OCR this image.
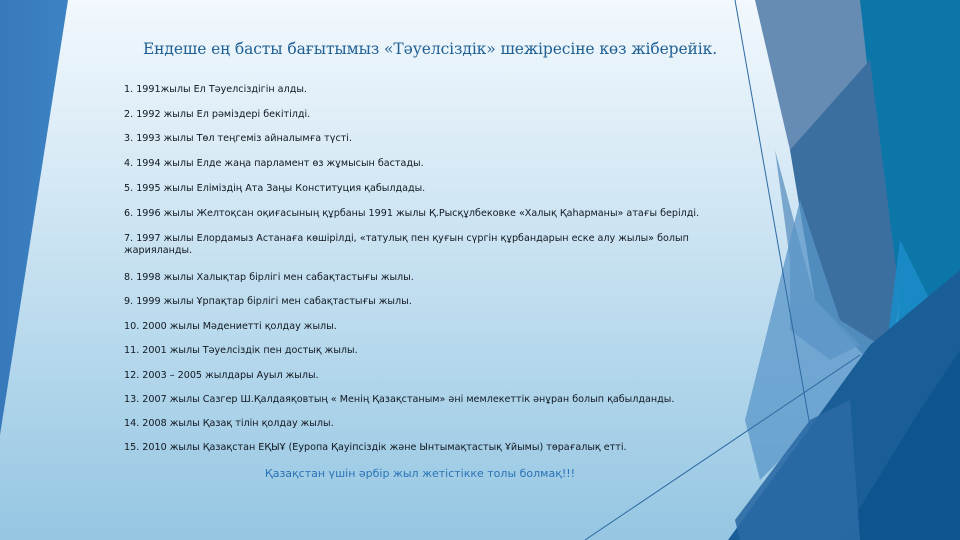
Ендеше ең басты бағытымыз «Тәуелсіздік» шежіресіне көз жіберейік.
1. 1991жылы Ел Тәуелсіздігін алды.
2. 1992 жылы Ел рәміздері бекітілді.
3. 1993 жылы Төл теңгеміз айналымға түсті.
4. 1994 жылы Елде жаңа парламент өз жұмысын бастады.
5. 1995 жылы Еліміздің Ата Заңы Конституция қабылдады.
6. 1996 жылы Желтоқсан оқиғасының құрбаны 1991 жылы Қ.Рысқұлбековке «Халық Қаһарманы» атағы берілді.
7. 1997 жылы Елордамыз Астанаға көшірілді, «татулық пен қуғын сүргін құрбандарын еске алу жылы» болып жарияланды.
8. 1998 жылы Халықтар бірлігі мен сабақтастығы жылы.
9. 1999 жылы Ұрпақтар бірлігі мен сабақтастығы жылы.
10. 2000 жылы Мәдениетті қолдау жылы.
11. 2001 жылы Тәуелсіздік пен достық жылы.
12. 2003 – 2005 жылдары Ауыл жылы.
13. 2007 жылы Сазгер Ш.Қалдаяқовтың « Менің Қазақстаным» әні мемлекеттік әнұран болып қабылданды.
14. 2008 жылы Қазақ тілін қолдау жылы.
15. 2010 жылы Қазақстан ЕҚЫҰ (Еуропа Қауіпсіздік және Ынтымақтастық Ұйымы) төрағалық етті.

Қазақстан үшін әрбір жыл жетістікке толы болмақ!!!
